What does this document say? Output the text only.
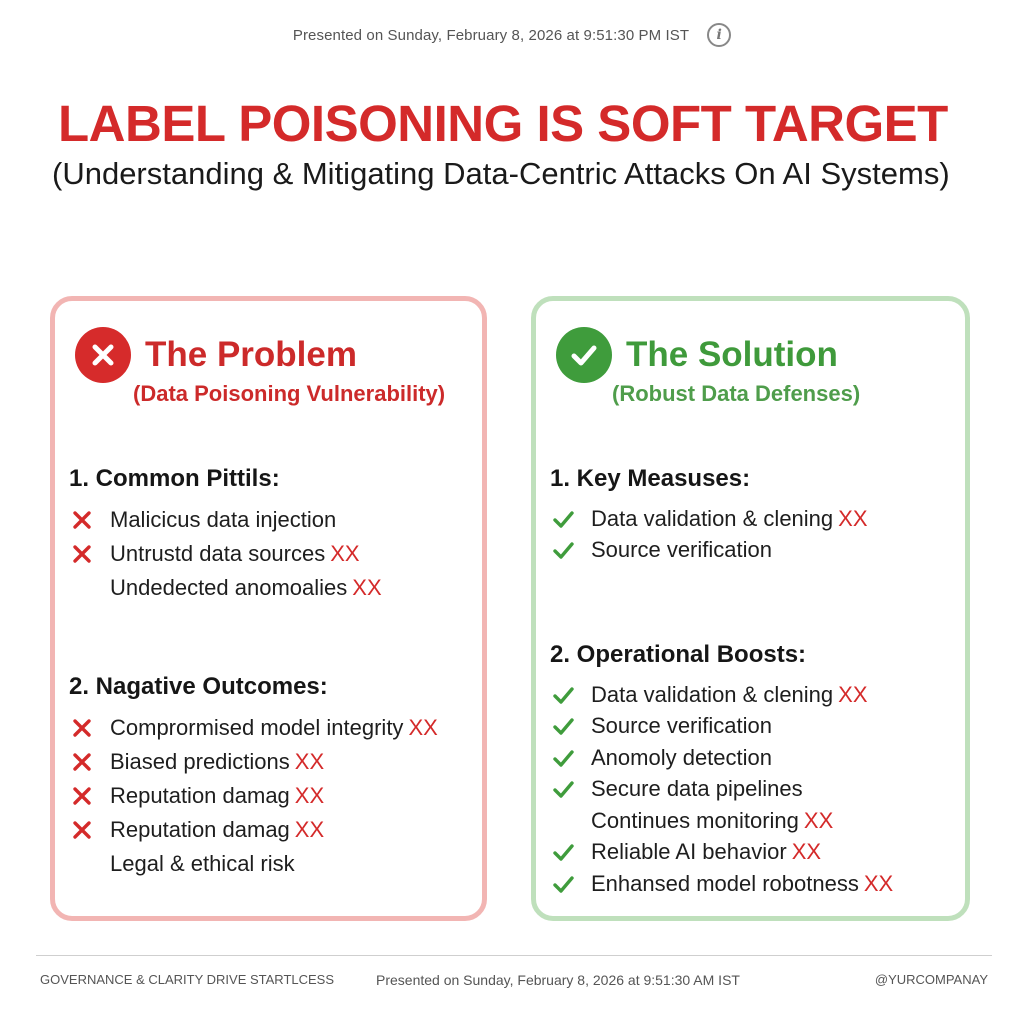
Presented on Sunday, February 8, 2026 at 9:51:30 PM IST	i
LABEL POISONING IS SOFT TARGET
(Understanding & Mitigating Data-Centric Attacks On AI Systems)
The Problem
(Data Poisoning Vulnerability)
1. Common Pittils:
Malicicus data injection
Untrustd data sources XX
Undedected anomoalies XX
2. Nagative Outcomes:
Comprormised model integrity XX
Biased predictions XX
Reputation damag XX
Reputation damag XX
Legal & ethical risk
The Solution
(Robust Data Defenses)
1. Key Measuses:
Data validation & clening XX
Source verification
2. Operational Boosts:
Data validation & clening XX
Source verification
Anomoly detection
Secure data pipelines
Continues monitoring XX
Reliable AI behavior XX
Enhansed model robotness XX
GOVERNANCE & CLARITY DRIVE STARTLCESS	Presented on Sunday, February 8, 2026 at 9:51:30 AM IST	@YURCOMPANAY
